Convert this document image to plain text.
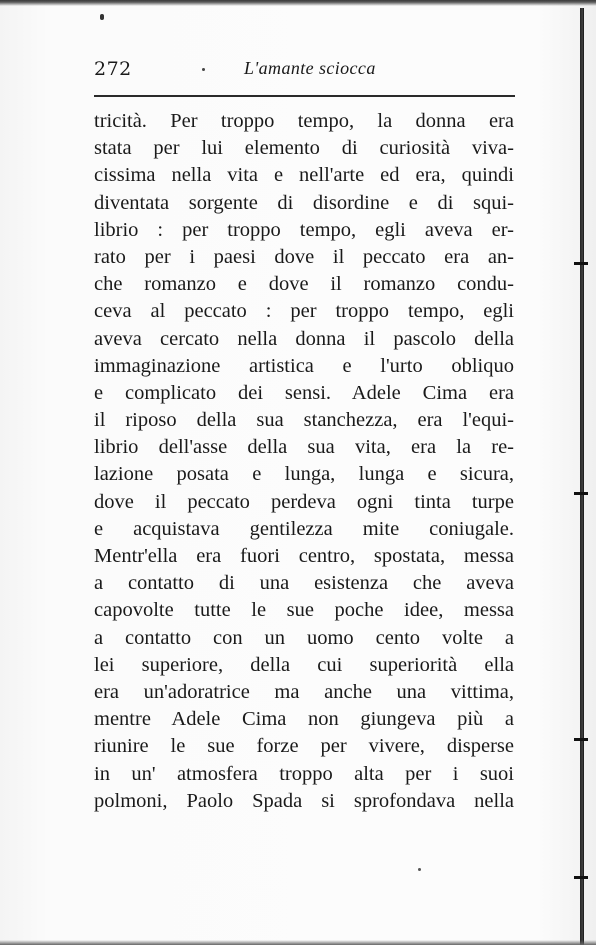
272	L'amante sciocca
tricità. Per troppo tempo, la donna era
stata per lui elemento di curiosità viva-
cissima nella vita e nell'arte ed era, quindi
diventata sorgente di disordine e di squi-
librio : per troppo tempo, egli aveva er-
rato per i paesi dove il peccato era an-
che romanzo e dove il romanzo condu-
ceva al peccato : per troppo tempo, egli
aveva cercato nella donna il pascolo della
immaginazione artistica e l'urto obliquo
e complicato dei sensi. Adele Cima era
il riposo della sua stanchezza, era l'equi-
librio dell'asse della sua vita, era la re-
lazione posata e lunga, lunga e sicura,
dove il peccato perdeva ogni tinta turpe
e acquistava gentilezza mite coniugale.
Mentr'ella era fuori centro, spostata, messa
a contatto di una esistenza che aveva
capovolte tutte le sue poche idee, messa
a contatto con un uomo cento volte a
lei superiore, della cui superiorità ella
era un'adoratrice ma anche una vittima,
mentre Adele Cima non giungeva più a
riunire le sue forze per vivere, disperse
in un' atmosfera troppo alta per i suoi
polmoni, Paolo Spada si sprofondava nella
